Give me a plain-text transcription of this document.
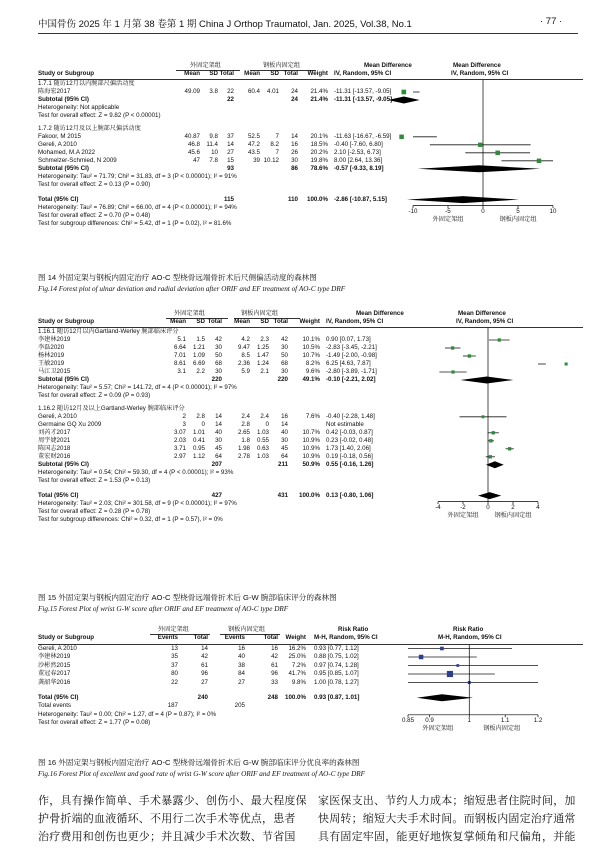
中国骨伤 2025 年 1 月第 38 卷第 1 期 China J Orthop Traumatol, Jan. 2025, Vol.38, No.1	· 77 ·
外固定架组	钢板内固定组	Mean Difference	Mean Difference
Study or Subgroup	Mean SD Total Mean SD Total Weight IV, Random, 95% CI	IV, Random, 95% CI
1.7.1 随访12月以内腕部尺偏活动度
陈海宏2017	49.09 3.8 22 60.4 4.01 24 21.4% -11.31 [-13.57, -9.05]
Subtotal (95% CI)	22	24 21.4% -11.31 [-13.57, -9.05]
Heterogeneity: Not applicable
Test for overall effect: Z = 9.82 (P < 0.00001)
1.7.2 随访12月及以上腕部尺偏活动度
Fakoor, M 2015	40.87 9.8 37 52.5	7 14 20.1% -11.63 [-16.67, -6.59]
Gereli, A 2010	46.8 11.4 14 47.2 8.2 16 18.5% -0.40 [-7.60, 6.80]
Mohamed, M.A 2022	45.6 10 27 43.5	7 26 20.2% 2.10 [-2.53, 6.73]
Schmelzer-Schmied, N 2009	47 7.8 15	39 10.12 30 19.8% 8.00 [2.64, 13.36]
Subtotal (95% CI)	93	86 78.6% -0.57 [-9.33, 8.19]
Heterogeneity: Tau² = 71.79; Chi² = 31.83, df = 3 (P < 0.00001); I² = 91%
Test for overall effect: Z = 0.13 (P = 0.90)
Total (95% CI)	115	110 100.0% -2.86 [-10.87, 5.15]
Heterogeneity: Tau² = 76.89; Chi² = 66.00, df = 4 (P < 0.00001); I² = 94%
Test for overall effect: Z = 0.70 (P = 0.48)
Test for subgroup differences: Chi² = 5.42, df = 1 (P = 0.02), I² = 81.6%
-10	-5	0	5	10
外固定架组	钢板内固定组
图 14 外固定架与钢板内固定治疗 AO-C 型桡骨远端骨折术后尺侧偏活动度的森林图
Fig.14 Forest plot of ulnar deviation and radial deviation after ORIF and EF treatment of AO-C type DRF
外固定架组	钢板内固定组	Mean Difference	Mean Difference
Study or Subgroup	Mean SD Total Mean SD Total Weight IV, Random, 95% CI	IV, Random, 95% CI
1.16.1 随访12月以内Gartland-Werley 腕部临床评分
李建林2019	5.1 1.5 42	4.2 2.3 42 10.1% 0.90 [0.07, 1.73]
李磊2020	6.64 1.21 30	9.47 1.25 30 10.5% -2.83 [-3.45, -2.21]
杨林2019	7.01 1.09 50	8.5 1.47 50 10.7% -1.49 [-2.00, -0.98]
王敏2019	8.61 6.69 68	2.36 1.24 68	8.2% 6.25 [4.63, 7.87]
马江卫2015	3.1 2.2 30	5.9 2.1 30	9.6% -2.80 [-3.89, -1.71]
Subtotal (95% CI)	220	220 49.1% -0.10 [-2.21, 2.02]
Heterogeneity: Tau² = 5.57; Chi² = 141.72, df = 4 (P < 0.00001); I² = 97%
Test for overall effect: Z = 0.09 (P = 0.93)
1.16.2 随访12月及以上Gartland-Werley 腕部临床评分
Gereli, A 2010	2 2.8 14	2.4 2.4 16	7.6% -0.40 [-2.28, 1.48]
Germaine GQ Xu 2009	3	0 14	2.8	0 14	Not estimable
刘芮才2017	3.07 1.01 40	2.65 1.03 40 10.7% 0.42 [-0.03, 0.87]
周宇婕2021	2.03 0.41 30	1.8 0.55 30 10.9% 0.23 [-0.02, 0.48]
陈国志2018	3.71 0.95 45	1.98 0.63 45 10.9% 1.73 [1.40, 2.06]
董宏财2016	2.97 1.12 64	2.78 1.03 64 10.9% 0.19 [-0.18, 0.56]
Subtotal (95% CI)	207	211 50.9% 0.55 [-0.16, 1.26]
Heterogeneity: Tau² = 0.54; Chi² = 59.30, df = 4 (P < 0.00001); I² = 93%
Test for overall effect: Z = 1.53 (P = 0.13)
Total (95% CI)	427	431 100.0% 0.13 [-0.80, 1.06]
Heterogeneity: Tau² = 2.03; Chi² = 301.58, df = 9 (P < 0.00001); I² = 97%
Test for overall effect: Z = 0.28 (P = 0.78)
Test for subgroup differences: Chi² = 0.32, df = 1 (P = 0.57), I² = 0%
-4	-2	0	2	4
外固定架组	钢板内固定组
图 15 外固定架与钢板内固定治疗 AO-C 型桡骨远端骨折术后 G-W 腕部临床评分的森林图
Fig.15 Forest Plot of wrist G-W score after ORIF and EF treatment of AO-C type DRF
外固定架组	钢板内固定组	Risk Ratio	Risk Ratio
Study or Subgroup	Events	Total	Events	Total Weight M-H, Random, 95% CI	M-H, Random, 95% CI
Gereli, A 2010	13	14	16	16 16.2% 0.93 [0.77, 1.12]
李建林2019	35	42	40	42 25.0% 0.88 [0.75, 1.02]
沙彬然2015	37	61	38	61 7.2% 0.97 [0.74, 1.28]
董冠春2017	80	96	84	96 41.7% 0.95 [0.85, 1.07]
龚韶华2016	22	27	27	33 9.8% 1.00 [0.78, 1.27]
Total (95% CI)	240	248 100.0% 0.93 [0.87, 1.01]
Total events	187	205
Heterogeneity: Tau² = 0.00; Chi² = 1.27, df = 4 (P = 0.87); I² = 0%
Test for overall effect: Z = 1.77 (P = 0.08)	0.85	0.9	1	1.1	1.2
外固定架组	钢板内固定组
图 16 外固定架与钢板内固定治疗 AO-C 型桡骨远端骨折术后 G-W 腕部临床评分优良率的森林图
Fig.16 Forest Plot of excellent and good rate of wrist G-W score after ORIF and EF treatment of AO-C type DRF
作，具有操作简单、手术暴露少、创伤小、最大程度保
护骨折端的血液循环、不用行二次手术等优点，患者
治疗费用和创伤也更少；并且减少手术次数、节省国
家医保支出、节约人力成本；缩短患者住院时间，加
快周转；缩短大夫手术时间。而钢板内固定治疗通常
具有固定牢固，能更好地恢复掌倾角和尺偏角，并能
